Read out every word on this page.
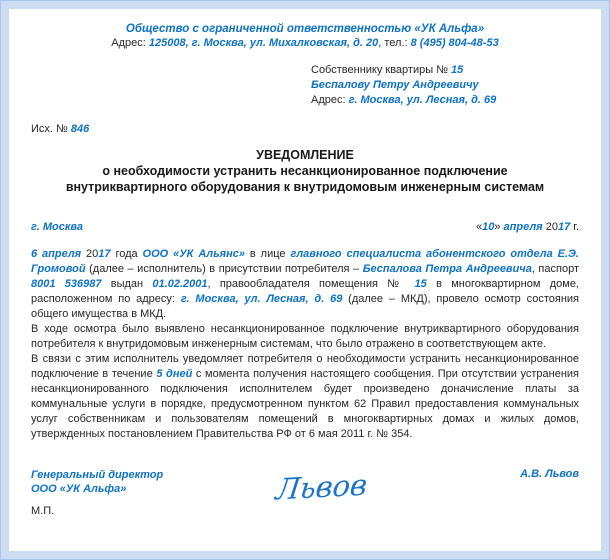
Общество с ограниченной ответственностью «УК Альфа»
Адрес: 125008, г. Москва, ул. Михалковская, д. 20, тел.: 8 (495) 804-48-53
Собственнику квартиры № 15
Беспалову Петру Андреевичу
Адрес: г. Москва, ул. Лесная, д. 69
Исх. № 846
УВЕДОМЛЕНИЕ
о необходимости устранить несанкционированное подключение
внутриквартирного оборудования к внутридомовым инженерным системам
г. Москва	«10» апреля 2017 г.

6 апреля 2017 года ООО «УК Альянс» в лице главного специалиста абонентского отдела Е.Э. Громовой (далее – исполнитель) в присутствии потребителя – Беспалова Петра Андреевича, паспорт 8001 536987 выдан 01.02.2001, правообладателя помещения № 15 в многоквартирном доме, расположенном по адресу: г. Москва, ул. Лесная, д. 69 (далее – МКД), провело осмотр состояния общего имущества в МКД.

В ходе осмотра было выявлено несанкционированное подключение внутриквартирного оборудования потребителя к внутридомовым инженерным системам, что было отражено в соответствующем акте.

В связи с этим исполнитель уведомляет потребителя о необходимости устранить несанкционированное подключение в течение 5 дней с момента получения настоящего сообщения. При отсутствии устранения несанкционированного подключения исполнителем будет произведено доначисление платы за коммунальные услуги в порядке, предусмотренном пунктом 62 Правил предоставления коммунальных услуг собственникам и пользователям помещений в многоквартирных домах и жилых домов, утвержденных постановлением Правительства РФ от 6 мая 2011 г. № 354.

Генеральный директор
ООО «УК Альфа»
М.П.
Львов	А.В. Львов
